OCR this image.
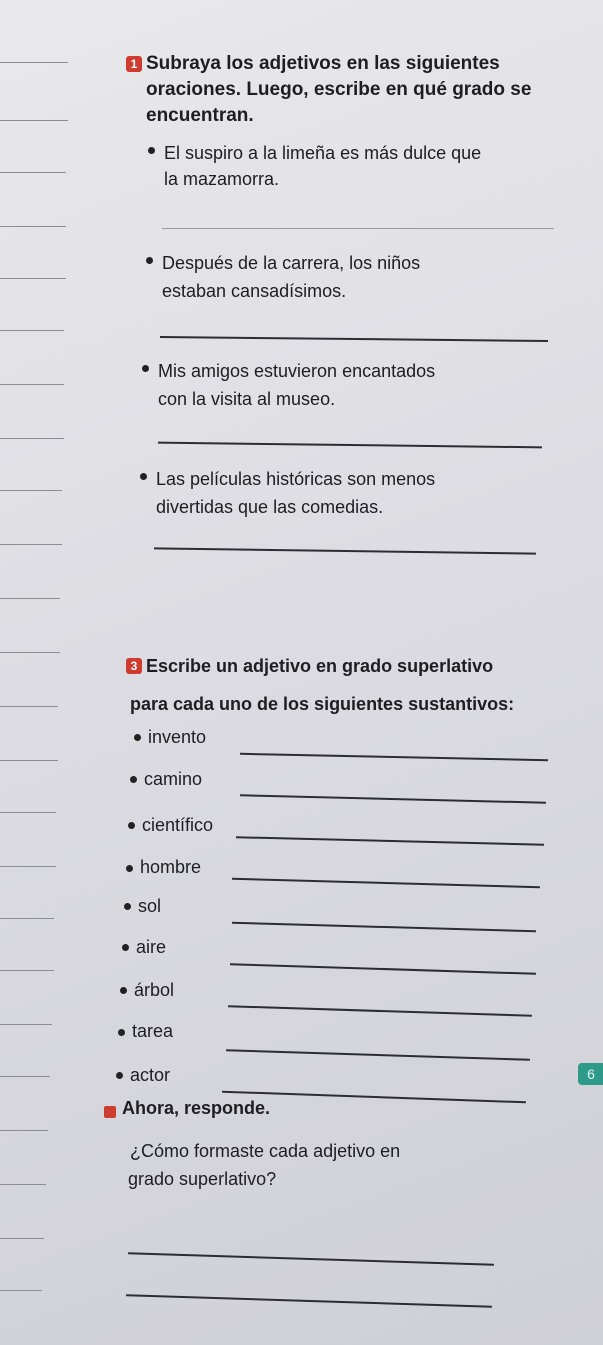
1 Subraya los adjetivos en las siguientes
oraciones. Luego, escribe en qué grado se
encuentran.
El suspiro a la limeña es más dulce que
la mazamorra.
Después de la carrera, los niños
estaban cansadísimos.
Mis amigos estuvieron encantados
con la visita al museo.
Las películas históricas son menos
divertidas que las comedias.
3 Escribe un adjetivo en grado superlativo
para cada uno de los siguientes sustantivos:
invento
camino
científico
hombre
sol
aire
árbol
tarea
actor	6
Ahora, responde.
¿Cómo formaste cada adjetivo en
grado superlativo?
